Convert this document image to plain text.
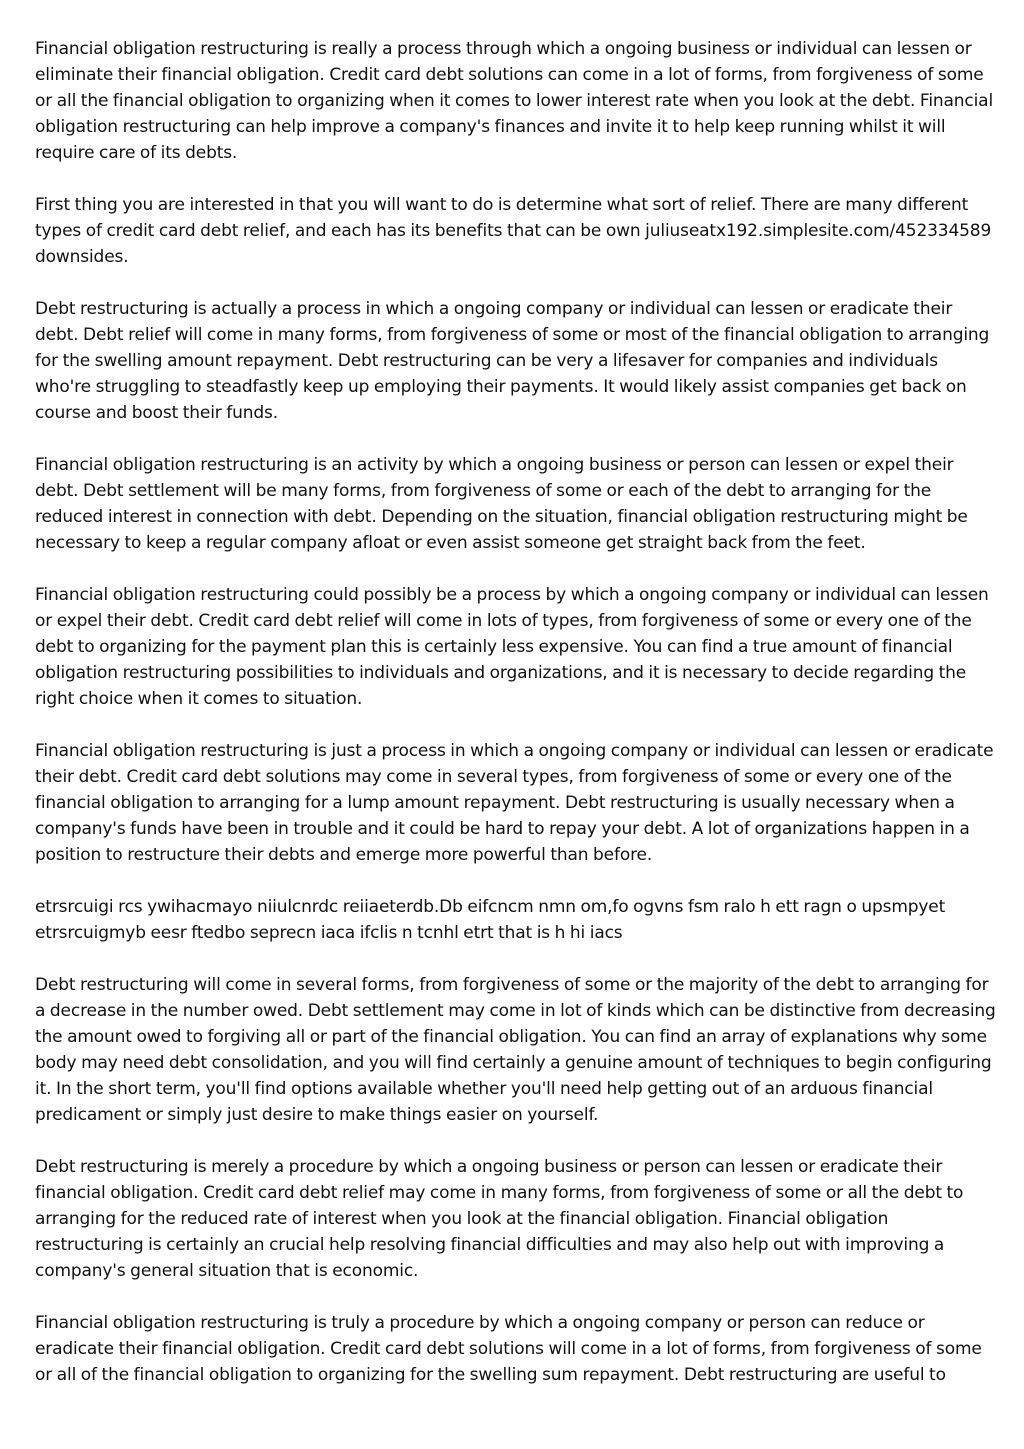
Financial obligation restructuring is really a process through which a ongoing business or individual can lessen or eliminate their financial obligation. Credit card debt solutions can come in a lot of forms, from forgiveness of some or all the financial obligation to organizing when it comes to lower interest rate when you look at the debt. Financial obligation restructuring can help improve a company's finances and invite it to help keep running whilst it will require care of its debts.

First thing you are interested in that you will want to do is determine what sort of relief. There are many different types of credit card debt relief, and each has its benefits that can be own juliuseatx192.simplesite.com/452334589 downsides.

Debt restructuring is actually a process in which a ongoing company or individual can lessen or eradicate their debt. Debt relief will come in many forms, from forgiveness of some or most of the financial obligation to arranging for the swelling amount repayment. Debt restructuring can be very a lifesaver for companies and individuals who're struggling to steadfastly keep up employing their payments. It would likely assist companies get back on course and boost their funds.

Financial obligation restructuring is an activity by which a ongoing business or person can lessen or expel their debt. Debt settlement will be many forms, from forgiveness of some or each of the debt to arranging for the reduced interest in connection with debt. Depending on the situation, financial obligation restructuring might be necessary to keep a regular company afloat or even assist someone get straight back from the feet.

Financial obligation restructuring could possibly be a process by which a ongoing company or individual can lessen or expel their debt. Credit card debt relief will come in lots of types, from forgiveness of some or every one of the debt to organizing for the payment plan this is certainly less expensive. You can find a true amount of financial obligation restructuring possibilities to individuals and organizations, and it is necessary to decide regarding the right choice when it comes to situation.

Financial obligation restructuring is just a process in which a ongoing company or individual can lessen or eradicate their debt. Credit card debt solutions may come in several types, from forgiveness of some or every one of the financial obligation to arranging for a lump amount repayment. Debt restructuring is usually necessary when a company's funds have been in trouble and it could be hard to repay your debt. A lot of organizations happen in a position to restructure their debts and emerge more powerful than before.

etrsrcuigi rcs ywihacmayo niiulcnrdc reiiaeterdb.Db eifcncm nmn om,fo ogvns fsm ralo h ett ragn o upsmpyet etrsrcuigmyb eesr ftedbo seprecn iaca ifclis n tcnhl etrt that is h hi iacs

Debt restructuring will come in several forms, from forgiveness of some or the majority of the debt to arranging for a decrease in the number owed. Debt settlement may come in lot of kinds which can be distinctive from decreasing the amount owed to forgiving all or part of the financial obligation. You can find an array of explanations why some body may need debt consolidation, and you will find certainly a genuine amount of techniques to begin configuring it. In the short term, you'll find options available whether you'll need help getting out of an arduous financial predicament or simply just desire to make things easier on yourself.

Debt restructuring is merely a procedure by which a ongoing business or person can lessen or eradicate their financial obligation. Credit card debt relief may come in many forms, from forgiveness of some or all the debt to arranging for the reduced rate of interest when you look at the financial obligation. Financial obligation restructuring is certainly an crucial help resolving financial difficulties and may also help out with improving a company's general situation that is economic.

Financial obligation restructuring is truly a procedure by which a ongoing company or person can reduce or eradicate their financial obligation. Credit card debt solutions will come in a lot of forms, from forgiveness of some or all of the financial obligation to organizing for the swelling sum repayment. Debt restructuring are useful to
